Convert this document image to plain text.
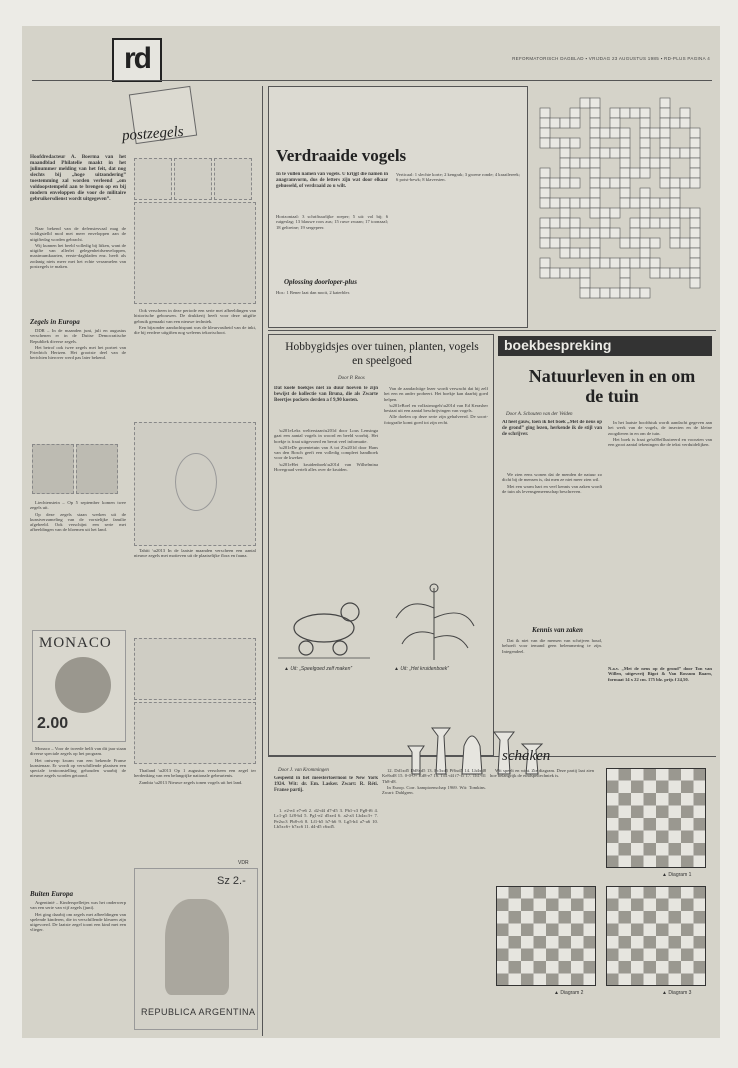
rd	REFORMATORISCH DAGBLAD ▪ VRIJDAG 23 AUGUSTUS 1985 ▪ RD-PLUS PAGINA 4
postzegels
Hoofdredacteur A. Boerma van het maandblad Philatelie maakt in het julinummer melding van het feit, dat nog slechts bij „hoge uitzondering” toestemming zal worden verleend „om voldoopstempeld aan te brengen op en bij modern enveloppen die voor de militaire gebruikersdienst wordt uitgegeven”.

Naar bekend van de defensiesvaal mag de voldigstelld mod met meer enveloppen aan de uitgiftedag worden gebracht.

Wij kunnen het beeld volledig bij liiken, want de uitgifte van allerlei gelegenheidsenveloppen, maximumkaarten, eerste-dagbladen enz. heeft als zodanig niets meer met het echte verzamelen van postzegels te maken.

Zegels in Europa

DDR – In de maanden juni, juli en augustus verschenen er in de Duitse Democratische Republiek diverse zegels.

Het betrof ook twee zegels met het portret van Friedrich Hertzen. Het grootste deel van de berichten hierover werd pas later bekend.

Liechtenstein – Op 5 september komen twee zegels uit.

Op deze zegels staan werken uit de kunstverzameling van de vorstelijke familie afgebeeld. Ook verschijnt een serie met afbeeldingen van de bloemen uit het land.

MONACO
2.00

Monaco – Voor de tweede helft van dit jaar staan diverse speciale zegels op het program.

Het ontwerp kwam van een bekende Franse kunstenaar. Er wordt op verschillende plaatsen een speciale tentoonstelling gehouden waarbij de nieuwe zegels worden getoond.

Buiten Europa

Argentinië – Kinderspelletjes was het onderwerp van een serie van vijf zegels (juni).

Het ging daarbij om zegels met afbeeldingen van spelende kinderen, die in verschillende kleuren zijn uitgevoerd. De laatste zegel toont een kind met een vlieger.

Ook verscheen in deze periode een serie met afbeeldingen van historische gebouwen. De drukkerij heeft voor deze uitgifte gebruik gemaakt van een nieuwe techniek.

Een bijzonder aandachtspunt was de kleurvastheid van de inkt, die bij eerdere uitgiften nog weleens tekortschoot.

Tahiti \u2013 In de laatste maanden verscheen een aantal nieuwe zegels met motieven uit de plaatselijke flora en fauna.

Thailand \u2013 Op 1 augustus verscheen een zegel ter herdenking van een belangrijke nationale gebeurtenis.

Zambia \u2013 Nieuwe zegels tonen vogels uit het land.

VDR
Sz 2.-
REPUBLICA ARGENTINA
Verdraaide vogels
In te vullen namen van vogels. U krijgt die namen in anagramvorm, dus de letters zijn wat door elkaar gehusseld, of verdraaid zo u wilt.
Horizontaal: 3 schriftuurlijke roeper; 5 uit: vol bij; 6 ruigeslag; 13 blauwe roos aus; 15 ruwe zwaan; 17 toonzaal; 18 geltreine; 19 sergepeer.
Verticaal: 1 slechte korte; 2 kengrak; 3 groene ronde; 4 kraailereek; 6 potst-bewk; 8 klaversten.
Oplossing doorloper-plus
Hor.: 1 Bener laat dan nooit, 2 katerbler.
Hobbygidsjes over tuinen, planten, vogels en speelgoed
Door P. Roos
Dat koele boekjes niet zo duur hoeven te zijn bewijst de kollectie van Bruna, die als Zwarte Beertjes pockets derden a f 9,90 kosten.

\u201eLeks welterstaan\u201d door Lous Lensinga gaat een aantal vogels in woord en beeld voorbij. Het boekje is fraai uitgevoerd en bevat veel informatie.

\u201eDe groentetuin van A tot Z\u201d door Hans van den Bosch geeft een volledig compleet handboek voor de kweker.

\u201eHet kruidenboek\u201d van Wilhelmina Hovegraad vertelt alles over de kruiden.

Van de aandachtige lezer wordt verwacht dat hij zelf het een en ander probeert. Het boekje kan daarbij goed helpen.

\u201eBoel en volkstrnogels\u201d van Ed Kerasher bestaat uit een aantal beschrijvingen van vogels.

Alle doelen op deze serie zijn gehalveerd. De soort-fotografie komt goed tot zijn recht.

▲ Uit: „Speelgoed zelf maken”	▲ Uit: „Het kruidenboek”
boekbespreking
Natuurleven in en om de tuin
Door A. Schouten van der Velden
Al heel gauw, toen ik het boek „Met de neus op de grond” ging lezen, herkende ik de stijl van de schrijver.

We zien eens wonen dat de menden de natuur zo dicht bij de mensen is, dat men ze niet meer zien wil.

Met een warm hart en veel kennis van zaken wordt de tuin als levensgemeenschap beschreven.

Kennis van zaken

Dat ik niet van die mensen van schrijven houd, behoeft voor iemand geen belemmering te zijn. Integendeel.

In het laatste hoofdstuk wordt aandacht gegeven aan het werk van de vogels, de insecten en de kleine zoogdieren in en om de tuin.

Het boek is fraai ge\u00efllustreerd en voorzien van een groot aantal tekeningen die de tekst verduidelijken.

N.a.v. „Met de neus op de grond” door Ton van Willen, uitgeverij Bigot & Van Rossum Baarn, formaat 14 x 22 cm. 175 blz. prijs f 24,50.
schaken
Door J. van Krommingen
Gespeeld in het meestertoernooi te New York 1924. Wit: dr. Em. Lasker. Zwart: R. Réti. Franse partij.

1. e2-e4 e7-e6 2. d2-d4 d7-d5 3. Pb1-c3 Pg8-f6 4. Lc1-g5 Lf8-b4 5. Pg1-e2 d5xe4 6. a2-a3 Lb4xc3+ 7. Pe2xc3 Pb8-c6 8. Lf1-b5 h7-h6 9. Lg5-h4 a7-a6 10. Lb5xc6+ b7xc6 11. d4-d5 c6xd5.

12. Dd1xd5 Dd8xd5 13. Pc3xd5 Pf6xd5 14. Lh4xd8 Ke8xd8 15. 0-0-0+ Kd8-e7 16. Td1-d4 f7-f5 17. Th1-d1 Th8-d8.

In Europ. Corr. kampioenschap 1969. Wit: Tomkins. Zwart: Dahlgren.

Wit speelt en wint. Zie diagram. Deze partij laat zien hoe belangrijk de eindspeltechniek is.

▲ Diagram 1
▲ Diagram 2	▲ Diagram 3
